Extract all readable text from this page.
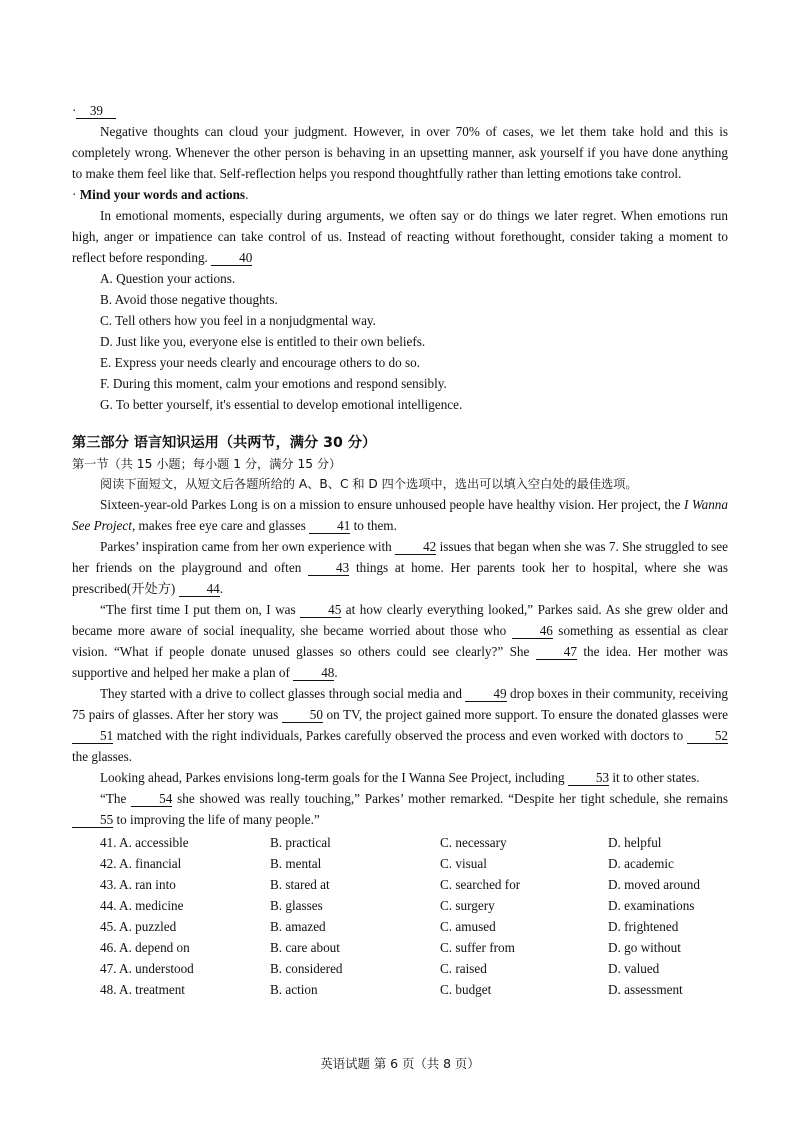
· 39

Negative thoughts can cloud your judgment. However, in over 70% of cases, we let them take hold and this is completely wrong. Whenever the other person is behaving in an upsetting manner, ask yourself if you have done anything to make them feel like that. Self-reflection helps you respond thoughtfully rather than letting emotions take control.

· Mind your words and actions.

In emotional moments, especially during arguments, we often say or do things we later regret. When emotions run high, anger or impatience can take control of us. Instead of reacting without forethought, consider taking a moment to reflect before responding. 40

A. Question your actions.

B. Avoid those negative thoughts.

C. Tell others how you feel in a nonjudgmental way.

D. Just like you, everyone else is entitled to their own beliefs.

E. Express your needs clearly and encourage others to do so.

F. During this moment, calm your emotions and respond sensibly.

G. To better yourself, it's essential to develop emotional intelligence.

第三部分 语言知识运用（共两节，满分 30 分）

第一节（共 15 小题；每小题 1 分，满分 15 分）

阅读下面短文，从短文后各题所给的 A、B、C 和 D 四个选项中，选出可以填入空白处的最佳选项。

Sixteen-year-old Parkes Long is on a mission to ensure unhoused people have healthy vision. Her project, the I Wanna See Project, makes free eye care and glasses 41 to them.

Parkes’ inspiration came from her own experience with 42 issues that began when she was 7. She struggled to see her friends on the playground and often 43 things at home. Her parents took her to hospital, where she was prescribed(开处方) 44.

“The first time I put them on, I was 45 at how clearly everything looked,” Parkes said. As she grew older and became more aware of social inequality, she became worried about those who 46 something as essential as clear vision. “What if people donate unused glasses so others could see clearly?” She 47 the idea. Her mother was supportive and helped her make a plan of 48.

They started with a drive to collect glasses through social media and 49 drop boxes in their community, receiving 75 pairs of glasses. After her story was 50 on TV, the project gained more support. To ensure the donated glasses were 51 matched with the right individuals, Parkes carefully observed the process and even worked with doctors to 52 the glasses.

Looking ahead, Parkes envisions long-term goals for the I Wanna See Project, including 53 it to other states.

“The 54 she showed was really touching,” Parkes’ mother remarked. “Despite her tight schedule, she remains 55 to improving the life of many people.”

41. A. accessible	B. practical	C. necessary	D. helpful
42. A. financial	B. mental	C. visual	D. academic
43. A. ran into	B. stared at	C. searched for	D. moved around
44. A. medicine	B. glasses	C. surgery	D. examinations
45. A. puzzled	B. amazed	C. amused	D. frightened
46. A. depend on	B. care about	C. suffer from	D. go without
47. A. understood	B. considered	C. raised	D. valued
48. A. treatment	B. action	C. budget	D. assessment
英语试题 第 6 页（共 8 页）
